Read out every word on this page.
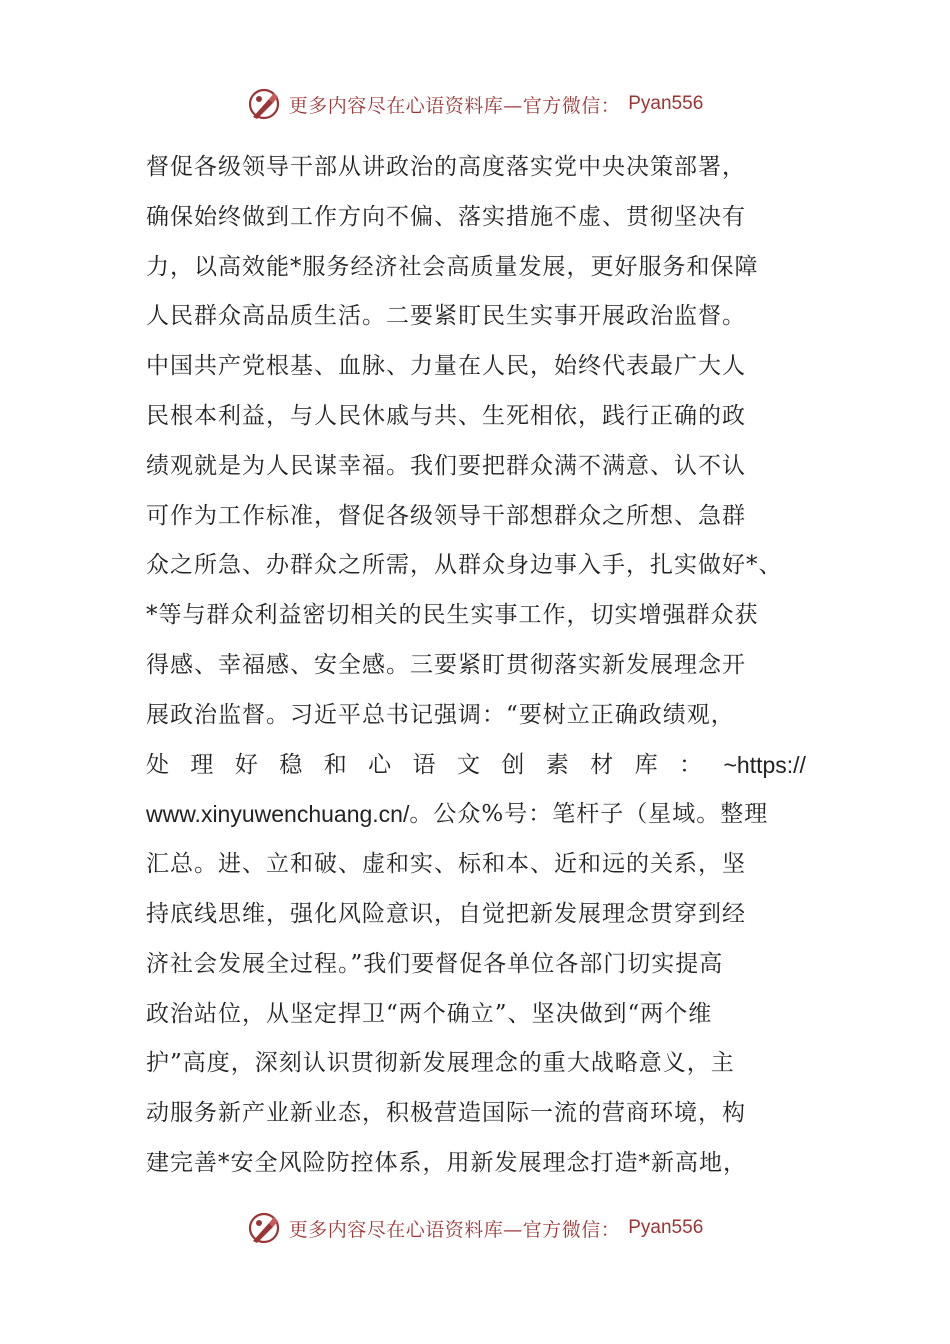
更多内容尽在心语资料库—官方微信： Pyan556
督促各级领导干部从讲政治的高度落实党中央决策部署，
确保始终做到工作方向不偏、落实措施不虚、贯彻坚决有
力，以高效能*服务经济社会高质量发展，更好服务和保障
人民群众高品质生活。二要紧盯民生实事开展政治监督。
中国共产党根基、血脉、力量在人民，始终代表最广大人
民根本利益，与人民休戚与共、生死相依，践行正确的政
绩观就是为人民谋幸福。我们要把群众满不满意、认不认
可作为工作标准，督促各级领导干部想群众之所想、急群
众之所急、办群众之所需，从群众身边事入手，扎实做好*、
*等与群众利益密切相关的民生实事工作，切实增强群众获
得感、幸福感、安全感。三要紧盯贯彻落实新发展理念开
展政治监督。习近平总书记强调：“要树立正确政绩观，
处 理 好 稳 和 心 语 文 创 素 材 库 ： ~https://
www.xinyuwenchuang.cn/ 。公众%号：笔杆子（星域。整理
汇总。进、立和破、虚和实、标和本、近和远的关系，坚
持底线思维，强化风险意识，自觉把新发展理念贯穿到经
济社会发展全过程。”我们要督促各单位各部门切实提高
政治站位，从坚定捍卫“两个确立”、坚决做到“两个维
护”高度，深刻认识贯彻新发展理念的重大战略意义，主
动服务新产业新业态，积极营造国际一流的营商环境，构
建完善*安全风险防控体系，用新发展理念打造*新高地，
更多内容尽在心语资料库—官方微信： Pyan556
